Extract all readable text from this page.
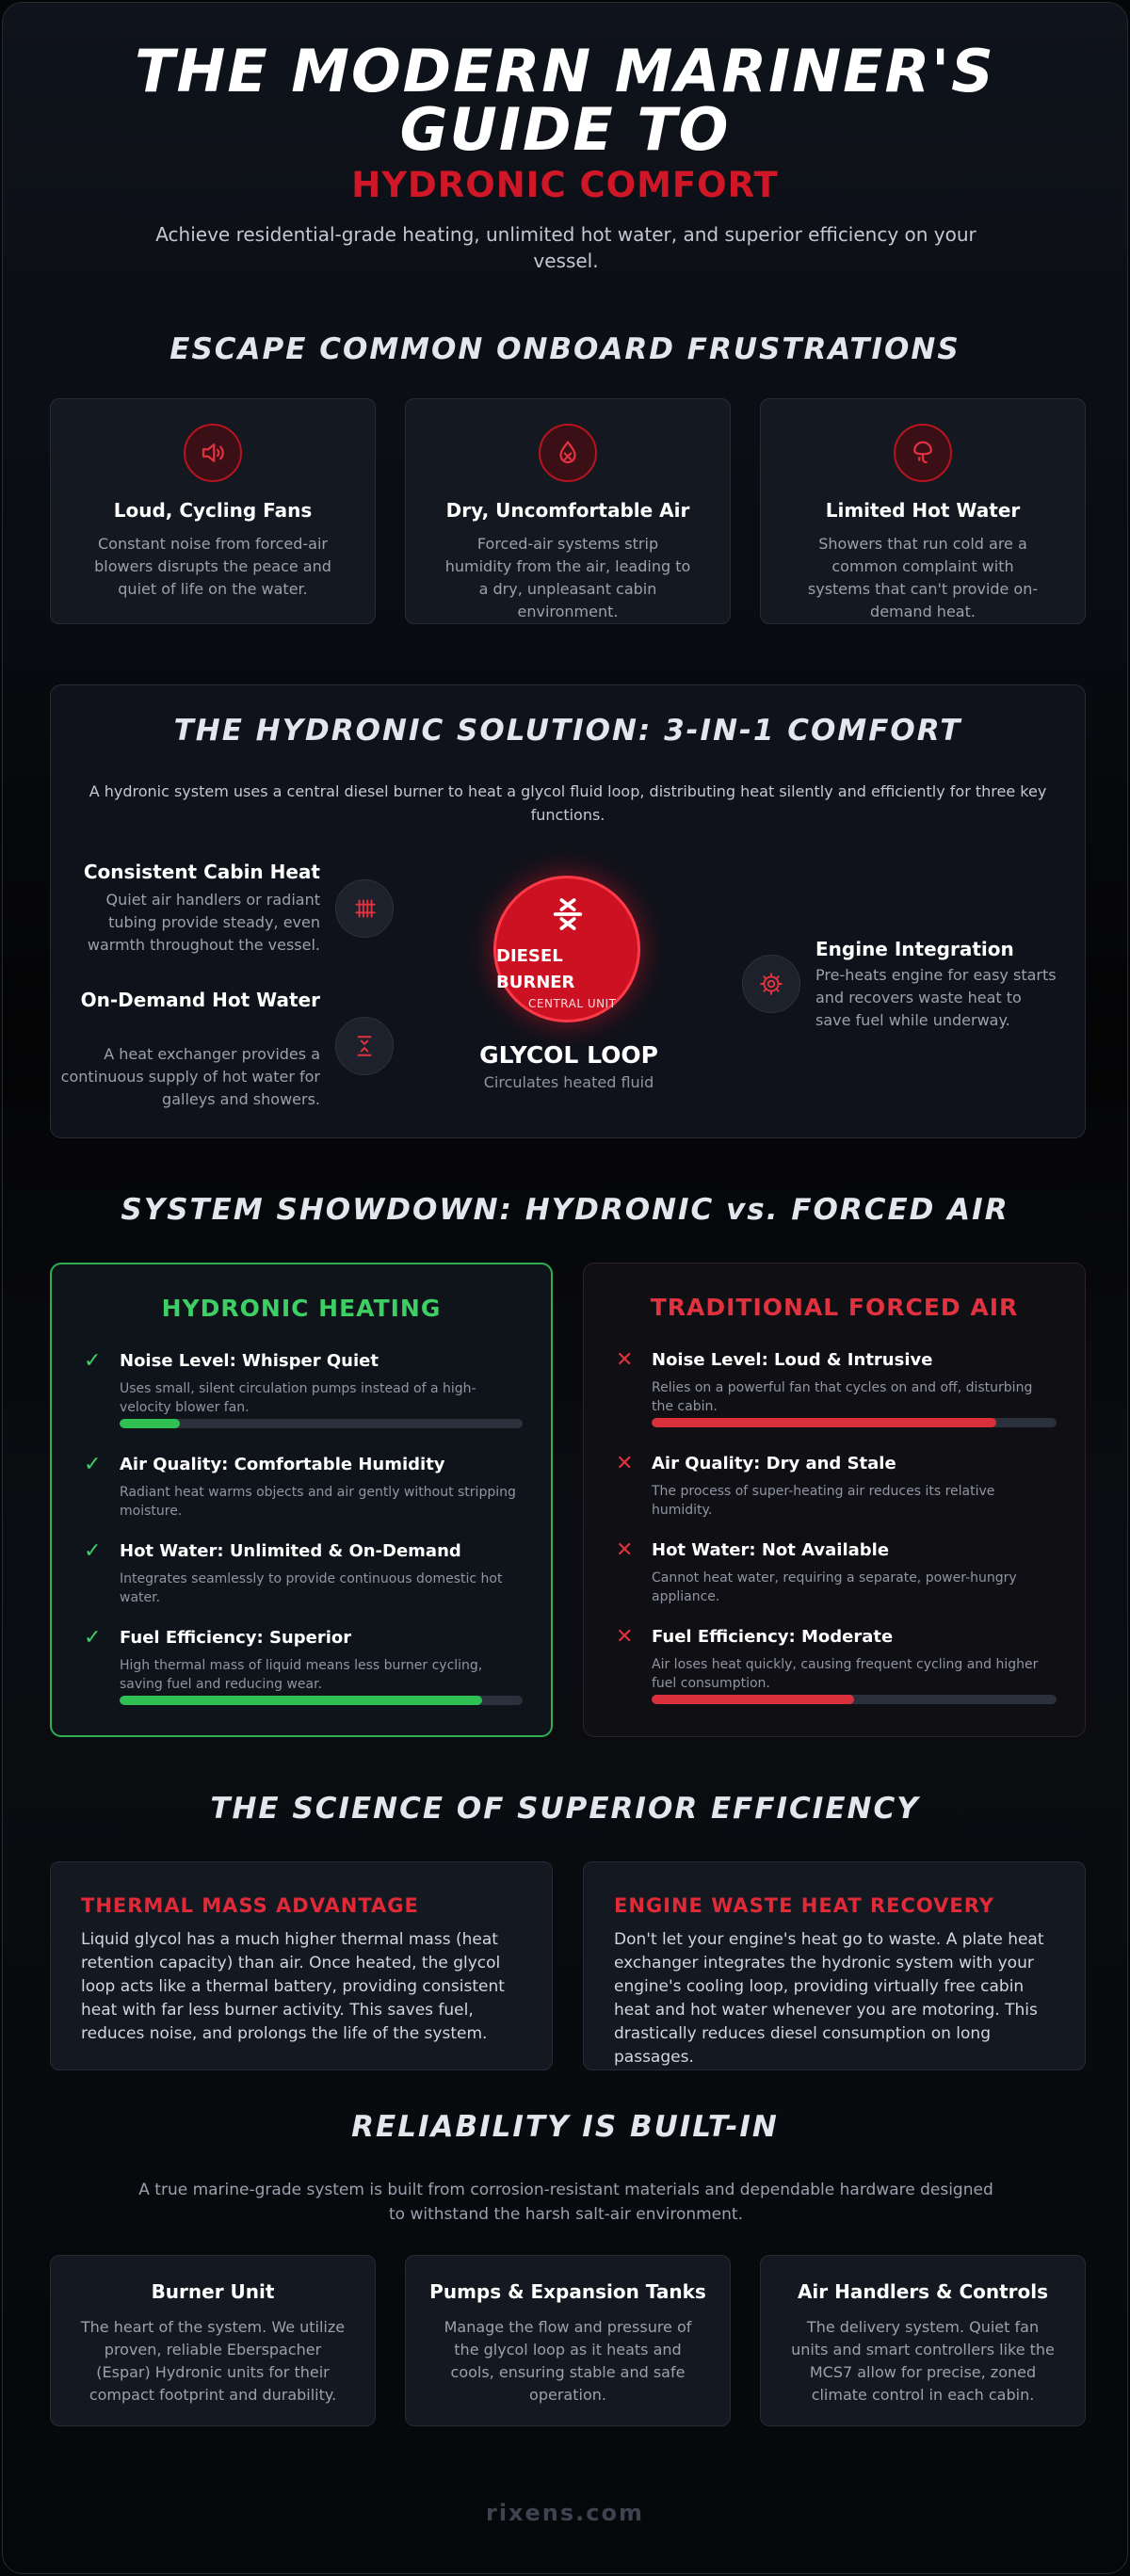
THE MODERN MARINER'S
GUIDE TO
HYDRONIC COMFORT
Achieve residential-grade heating, unlimited hot water, and superior efficiency on your vessel.
ESCAPE COMMON ONBOARD FRUSTRATIONS
Loud, Cycling Fans
Constant noise from forced-air blowers disrupts the peace and quiet of life on the water.
Dry, Uncomfortable Air
Forced-air systems strip humidity from the air, leading to a dry, unpleasant cabin environment.
Limited Hot Water
Showers that run cold are a common complaint with systems that can't provide on-demand heat.
THE HYDRONIC SOLUTION: 3-IN-1 COMFORT
A hydronic system uses a central diesel burner to heat a glycol fluid loop, distributing heat silently and efficiently for three key functions.
Consistent Cabin Heat
Quiet air handlers or radiant tubing provide steady, even warmth throughout the vessel.
On-Demand Hot Water
A heat exchanger provides a continuous supply of hot water for galleys and showers.
DIESEL
BURNER
CENTRAL UNIT
GLYCOL LOOP
Circulates heated fluid
Engine Integration
Pre-heats engine for easy starts and recovers waste heat to save fuel while underway.
SYSTEM SHOWDOWN: HYDRONIC vs. FORCED AIR
HYDRONIC HEATING
✓ Noise Level: Whisper Quiet
Uses small, silent circulation pumps instead of a high-velocity blower fan.
✓ Air Quality: Comfortable Humidity
Radiant heat warms objects and air gently without stripping moisture.
✓ Hot Water: Unlimited & On-Demand
Integrates seamlessly to provide continuous domestic hot water.
✓ Fuel Efficiency: Superior
High thermal mass of liquid means less burner cycling, saving fuel and reducing wear.
TRADITIONAL FORCED AIR
✕ Noise Level: Loud & Intrusive
Relies on a powerful fan that cycles on and off, disturbing the cabin.
✕ Air Quality: Dry and Stale
The process of super-heating air reduces its relative humidity.
✕ Hot Water: Not Available
Cannot heat water, requiring a separate, power-hungry appliance.
✕ Fuel Efficiency: Moderate
Air loses heat quickly, causing frequent cycling and higher fuel consumption.
THE SCIENCE OF SUPERIOR EFFICIENCY
THERMAL MASS ADVANTAGE
Liquid glycol has a much higher thermal mass (heat retention capacity) than air. Once heated, the glycol loop acts like a thermal battery, providing consistent heat with far less burner activity. This saves fuel, reduces noise, and prolongs the life of the system.
ENGINE WASTE HEAT RECOVERY
Don't let your engine's heat go to waste. A plate heat exchanger integrates the hydronic system with your engine's cooling loop, providing virtually free cabin heat and hot water whenever you are motoring. This drastically reduces diesel consumption on long passages.
RELIABILITY IS BUILT-IN
A true marine-grade system is built from corrosion-resistant materials and dependable hardware designed to withstand the harsh salt-air environment.
Burner Unit
The heart of the system. We utilize proven, reliable Eberspacher (Espar) Hydronic units for their compact footprint and durability.
Pumps & Expansion Tanks
Manage the flow and pressure of the glycol loop as it heats and cools, ensuring stable and safe operation.
Air Handlers & Controls
The delivery system. Quiet fan units and smart controllers like the MCS7 allow for precise, zoned climate control in each cabin.
rixens.com
